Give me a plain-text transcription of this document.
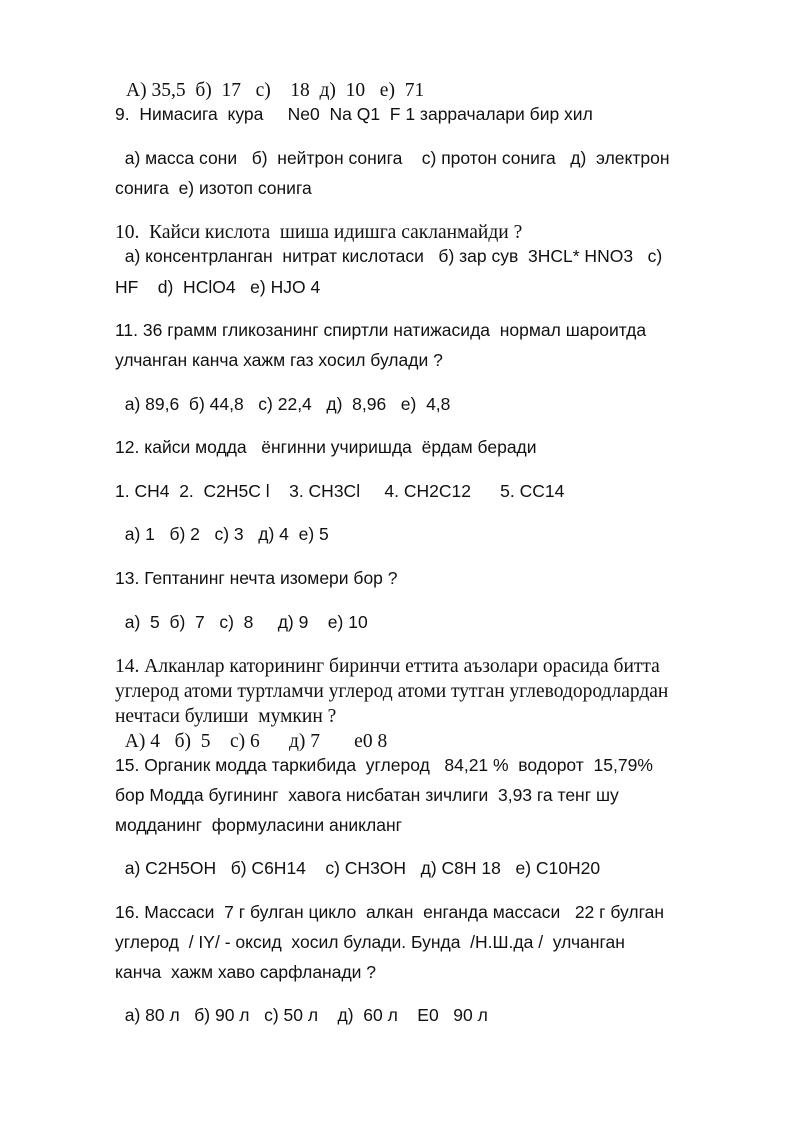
А) 35,5  б)  17   с)    18  д)  10   е)  71
9.  Нимасига  кура     Ne0  Na Q1  F 1 заррачалари бир хил
а) масса сони   б)  нейтрон сонига    с) протон сонига   д)  электрон
сонига  е) изотоп сонига
10.  Кайси кислота  шиша идишга сакланмайди ?
а) консентрланган  нитрат кислотаси   б) зар сув  3HCL* HNO3   c)
HF    d)  HClO4   е) HJO 4
11. 36 грамм гликозанинг спиртли натижасида  нормал шароитда
улчанган канча хажм газ хосил булади ?
а) 89,6  б) 44,8   с) 22,4   д)  8,96   е)  4,8
12. кайси модда   ёнгинни учиришда  ёрдам беради
1. CH4  2.  C2H5C l    3. CH3Cl     4. CH2C12      5. CC14
а) 1   б) 2   с) 3   д) 4  е) 5
13. Гептанинг нечта изомери бор ?
а)  5  б)  7   с)  8     д) 9    е) 10
14. Алканлар каторининг биринчи еттита аъзолари орасида битта
углерод атоми туртламчи углерод атоми тутган углеводородлардан
нечтаси булиши  мумкин ?
А) 4   б)  5    с) 6      д) 7       е0 8
15. Органик модда таркибида  углерод   84,21 %  водорот  15,79%
бор Модда бугининг  хавога нисбатан зичлиги  3,93 га тенг шу
модданинг  формуласини аникланг
а) C2H5OH   б) C6H14    с) CH3OH   д) C8H 18   е) C10H20
16. Массаси  7 г булган цикло  алкан  енганда массаси   22 г булган
углерод  / IY/ - оксид  хосил булади. Бунда  /Н.Ш.да /  улчанган
канча  хажм хаво сарфланади ?
а) 80 л   б) 90 л   с) 50 л    д)  60 л    Е0   90 л
